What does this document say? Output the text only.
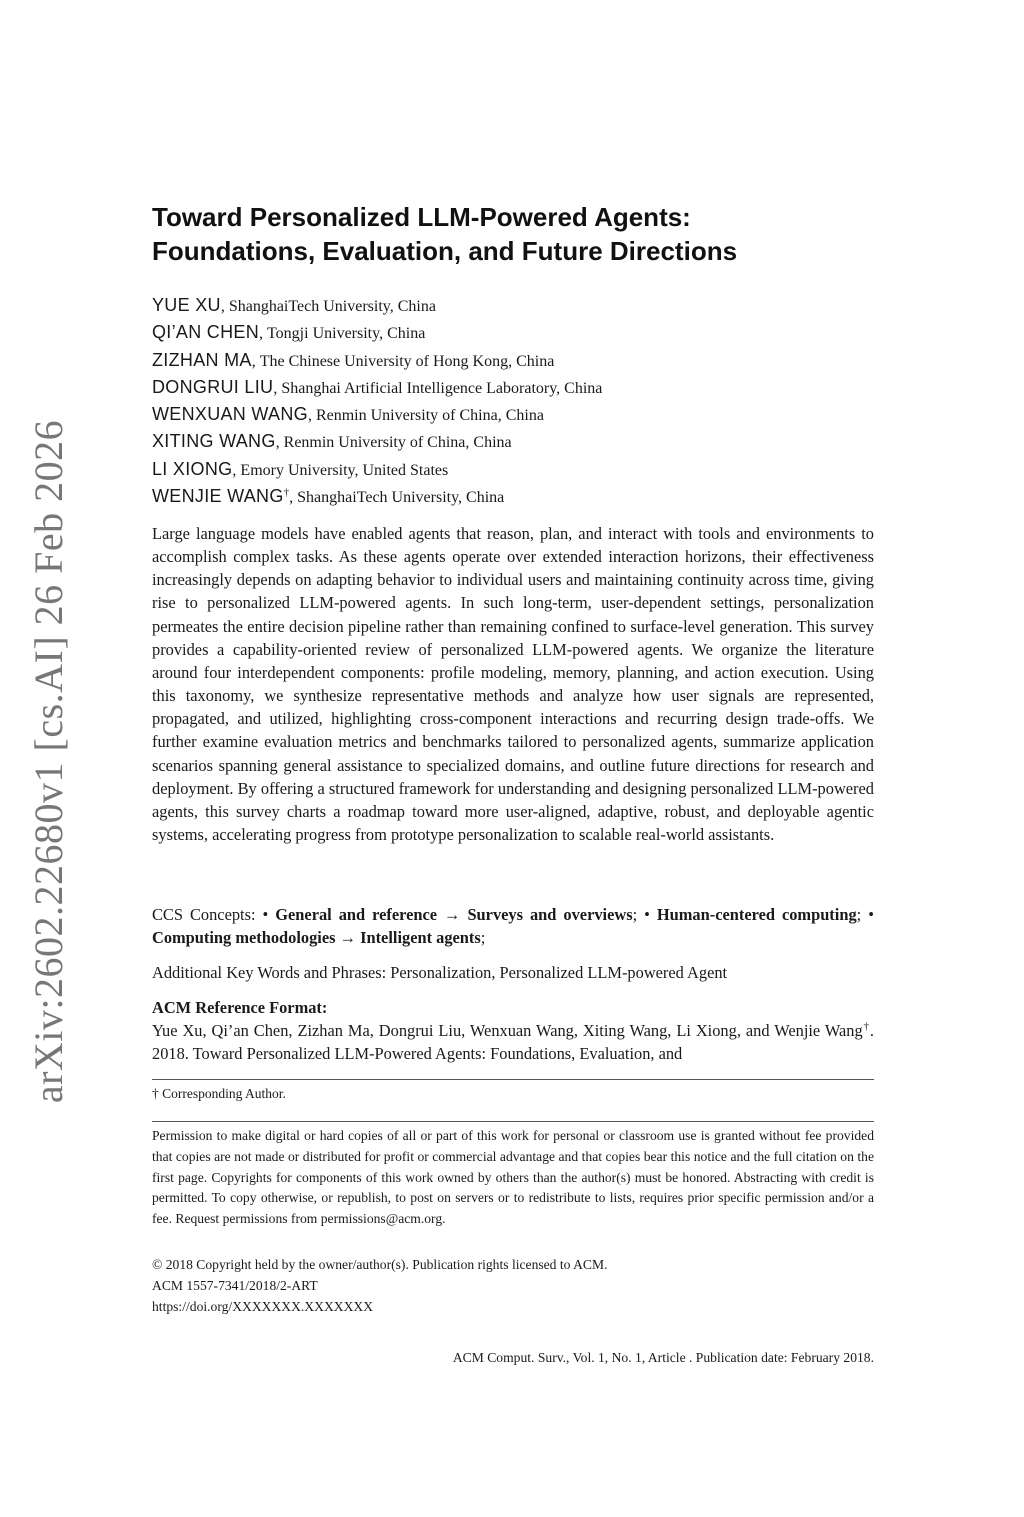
arXiv:2602.22680v1 [cs.AI] 26 Feb 2026
Toward Personalized LLM-Powered Agents:
Foundations, Evaluation, and Future Directions
YUE XU, ShanghaiTech University, China
QI’AN CHEN, Tongji University, China
ZIZHAN MA, The Chinese University of Hong Kong, China
DONGRUI LIU, Shanghai Artificial Intelligence Laboratory, China
WENXUAN WANG, Renmin University of China, China
XITING WANG, Renmin University of China, China
LI XIONG, Emory University, United States
WENJIE WANG†, ShanghaiTech University, China

Large language models have enabled agents that reason, plan, and interact with tools and environments to accomplish complex tasks. As these agents operate over extended interaction horizons, their effectiveness increasingly depends on adapting behavior to individual users and maintaining continuity across time, giving rise to personalized LLM-powered agents. In such long-term, user-dependent settings, personalization permeates the entire decision pipeline rather than remaining confined to surface-level generation. This survey provides a capability-oriented review of personalized LLM-powered agents. We organize the literature around four interdependent components: profile modeling, memory, planning, and action execution. Using this taxonomy, we synthesize representative methods and analyze how user signals are represented, propagated, and utilized, highlighting cross-component interactions and recurring design trade-offs. We further examine evaluation metrics and benchmarks tailored to personalized agents, summarize application scenarios spanning general assistance to specialized domains, and outline future directions for research and deployment. By offering a structured framework for understanding and designing personalized LLM-powered agents, this survey charts a roadmap toward more user-aligned, adaptive, robust, and deployable agentic systems, accelerating progress from prototype personalization to scalable real-world assistants.

CCS Concepts: • General and reference → Surveys and overviews; • Human-centered computing; • Computing methodologies → Intelligent agents;

Additional Key Words and Phrases: Personalization, Personalized LLM-powered Agent

ACM Reference Format:

Yue Xu, Qi’an Chen, Zizhan Ma, Dongrui Liu, Wenxuan Wang, Xiting Wang, Li Xiong, and Wenjie Wang†. 2018. Toward Personalized LLM-Powered Agents: Foundations, Evaluation, and

† Corresponding Author.

Permission to make digital or hard copies of all or part of this work for personal or classroom use is granted without fee provided that copies are not made or distributed for profit or commercial advantage and that copies bear this notice and the full citation on the first page. Copyrights for components of this work owned by others than the author(s) must be honored. Abstracting with credit is permitted. To copy otherwise, or republish, to post on servers or to redistribute to lists, requires prior specific permission and/or a fee. Request permissions from permissions@acm.org.

© 2018 Copyright held by the owner/author(s). Publication rights licensed to ACM.
ACM 1557-7341/2018/2-ART
https://doi.org/XXXXXXX.XXXXXXX

ACM Comput. Surv., Vol. 1, No. 1, Article . Publication date: February 2018.
